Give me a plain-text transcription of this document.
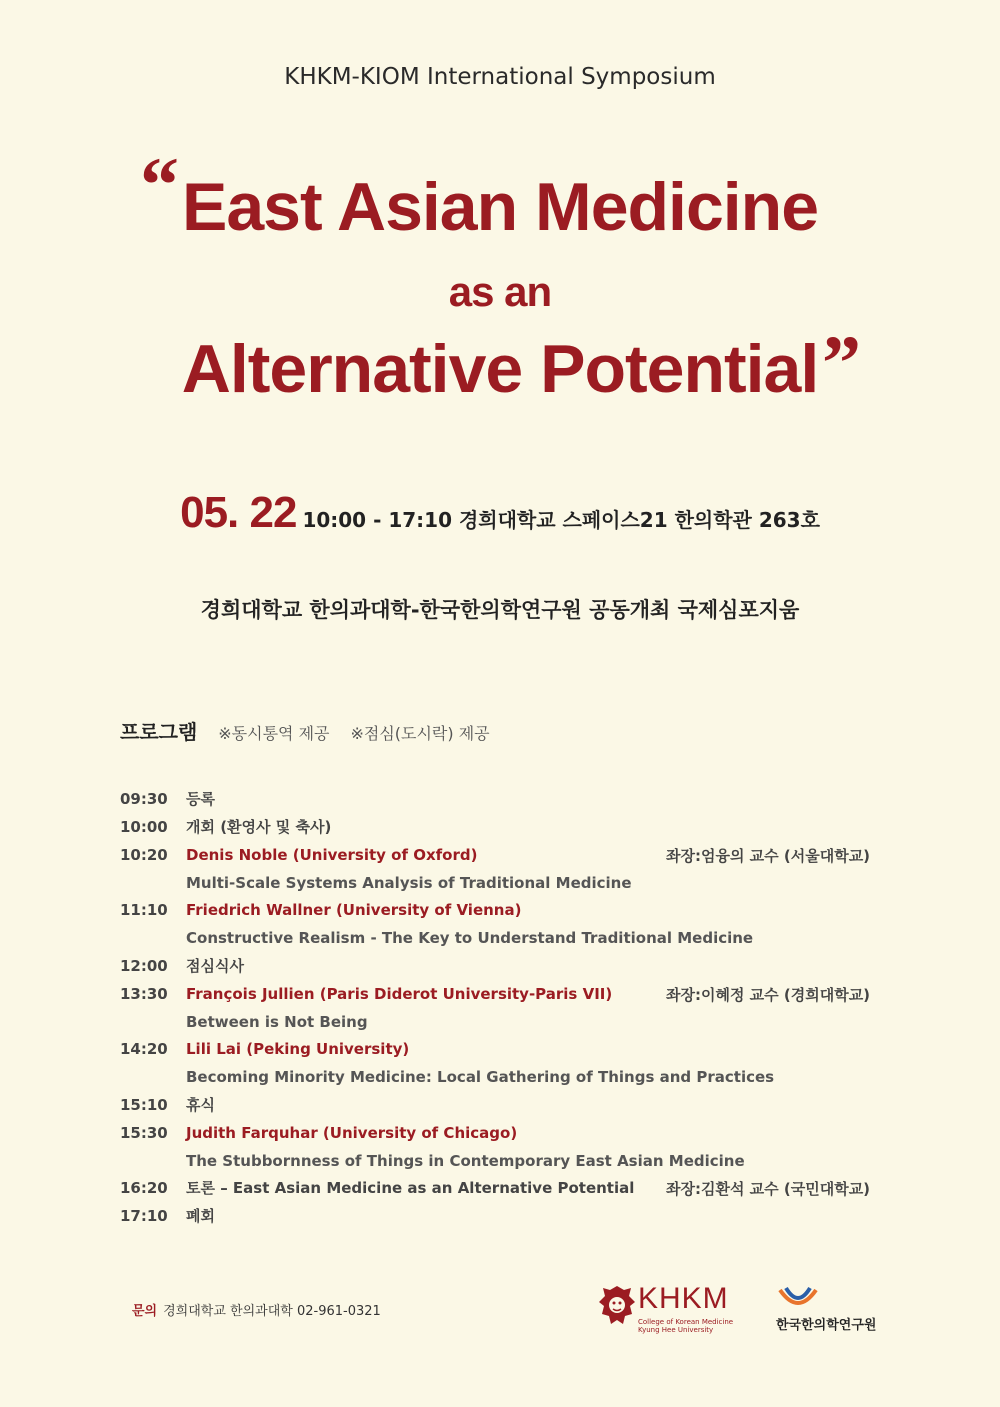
KHKM-KIOM International Symposium
“ East Asian Medicine
as an
Alternative Potential ”
05. 22 10:00 - 17:10 경희대학교 스페이스21 한의학관 263호
경희대학교 한의과대학-한국한의학연구원 공동개최 국제심포지움
프로그램 ※동시통역 제공 ※점심(도시락) 제공
09:30 등록
10:00 개회 (환영사 및 축사)
10:20 Denis Noble (University of Oxford)
Multi-Scale Systems Analysis of Traditional Medicine
11:10 Friedrich Wallner (University of Vienna)
Constructive Realism - The Key to Understand Traditional Medicine
12:00 점심식사
13:30 François Jullien (Paris Diderot University-Paris VII)
Between is Not Being
14:20 Lili Lai (Peking University)
Becoming Minority Medicine: Local Gathering of Things and Practices
15:10 휴식
15:30 Judith Farquhar (University of Chicago)
The Stubbornness of Things in Contemporary East Asian Medicine
16:20 토론 – East Asian Medicine as an Alternative Potential
17:10 폐회
좌장:엄융의 교수 (서울대학교)
좌장:이혜정 교수 (경희대학교)
좌장:김환석 교수 (국민대학교)
문의 경희대학교 한의과대학 02-961-0321	KHKM
College of Korean Medicine
Kyung Hee University	한국한의학연구원
